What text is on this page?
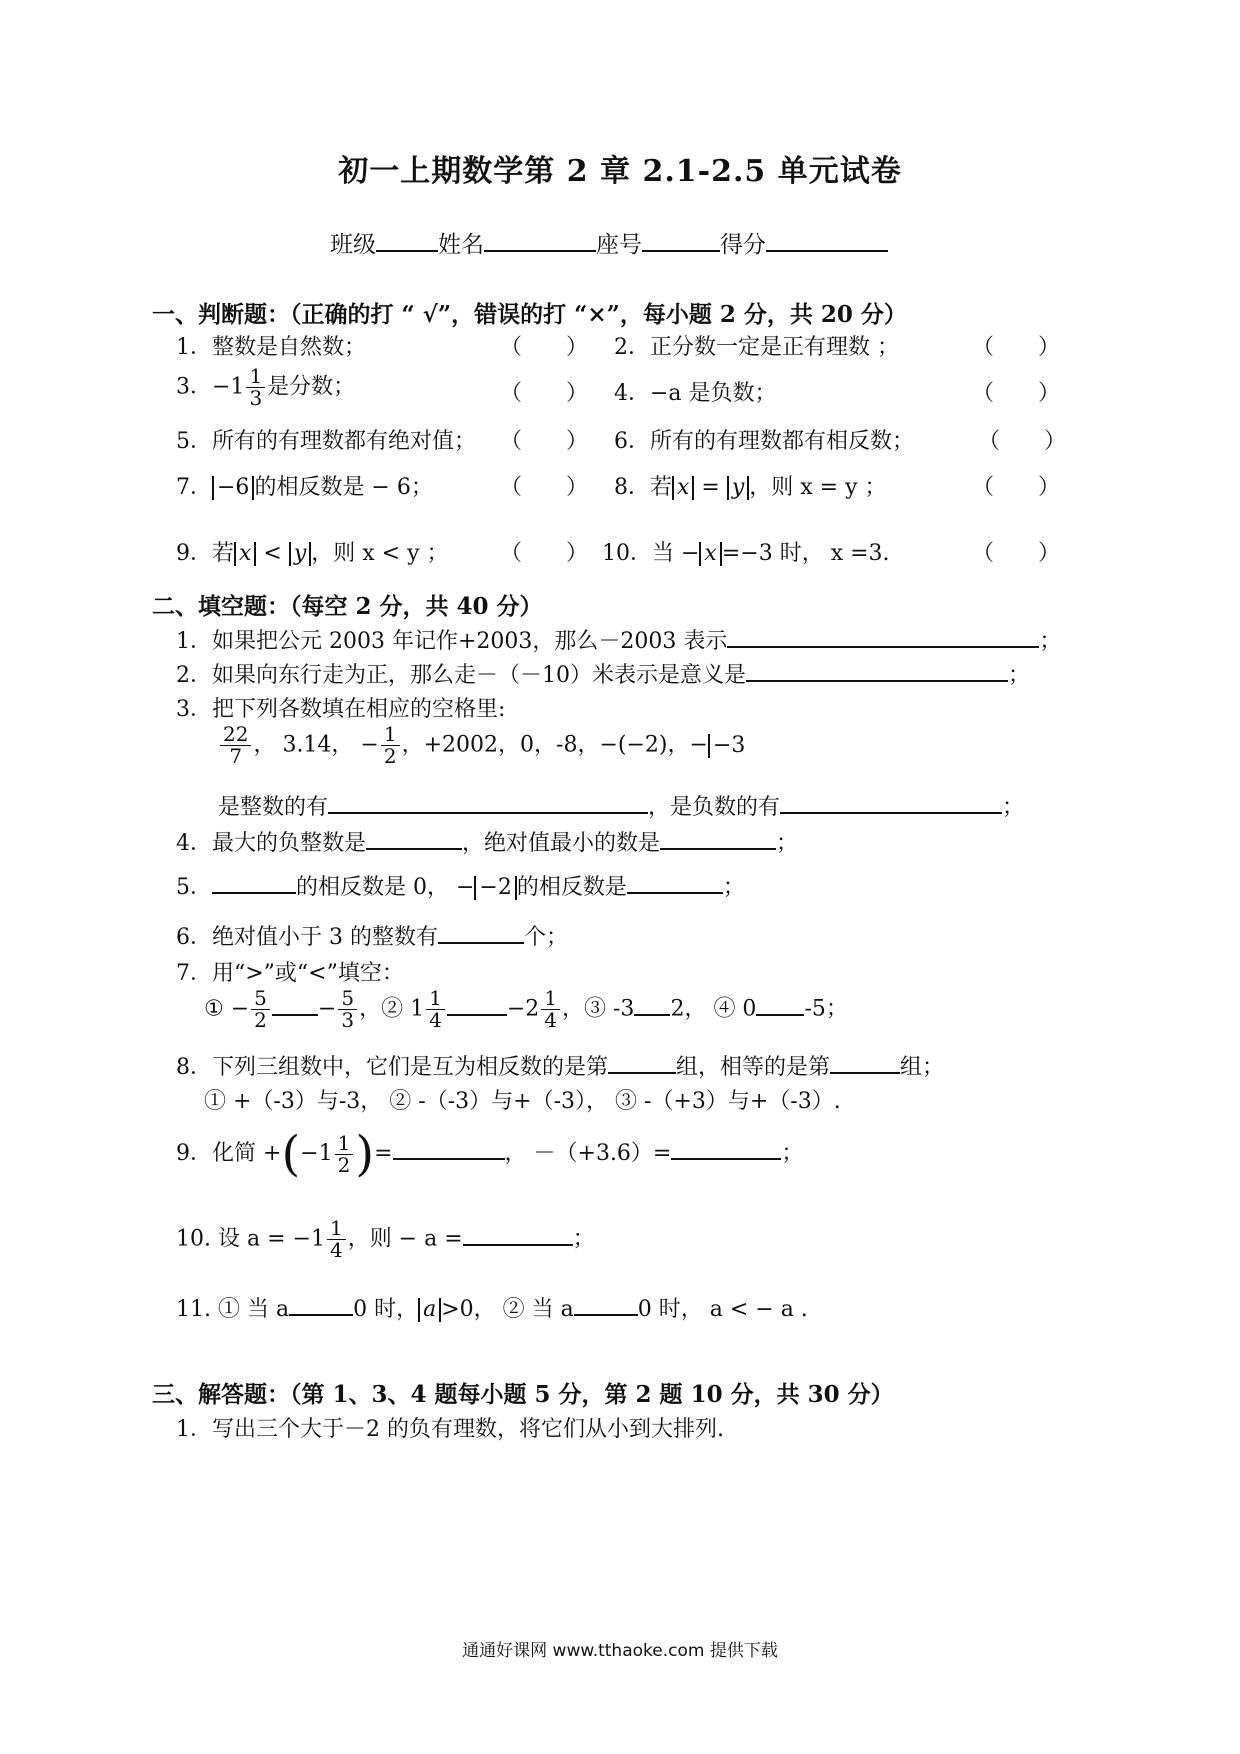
初一上期数学第 2 章 2.1-2.5 单元试卷
班级	姓名	座号	得分
一、判断题：（正确的打 “ √”，错误的打 “×”，每小题 2 分，共 20 分）
1．整数是自然数；	（　　） 2．正分数一定是正有理数 ；	（　　）
3．$-1 \frac{1}{3}$ 是分数；	（　　） 4．−a 是负数；	（　　）
5．所有的有理数都有绝对值； （　　） 6．所有的有理数都有相反数；	（　　）
7． −6 的相反数是 − 6；	（　　） 8．若 x = y ，则 x = y ；	（　　）
9．若 x < y ，则 x < y ； （　　） 10．当 − x =−3 时， x =3.	（　　）
二、填空题：（每空 2 分，共 40 分）
1．如果把公元 2003 年记作+2003，那么－2003 表示	；
2．如果向东行走为正，那么走－（－10）米表示是意义是	；
3．把下列各数填在相应的空格里:
$\frac{22}{7}$ ， 3.14， − $\frac{1}{2}$ ，+2002，0，-8，−(−2)，− −3
是整数的有	，是负数的有	；
4．最大的负整数是	，绝对值最小的数是	；
5．	的相反数是 0， − −2 的相反数是	；
6．绝对值小于 3 的整数有	个；
7．用“>”或“<”填空：
① − $\frac{5}{2} - \frac{5}{3}$ ，② $1 \frac{1}{4}$	$-2 \frac{1}{4}$ ，③ -3 2， ④ 0 -5；
8．下列三组数中，它们是互为相反数的是第	组，相等的是第	组；
① +（-3）与-3， ② -（-3）与+（-3）， ③ -（+3）与+（-3）.
9．化简 $+(-1 \frac{1}{2}$ )=	， －（+3.6）=	；
10. 设 $a = -1 \frac{1}{4}$ ，则 − a =	；
11. ① 当 a	0 时， a >0， ② 当 a	0 时， a < − a .
三、解答题：（第 1、3、4 题每小题 5 分，第 2 题 10 分，共 30 分）
1．写出三个大于－2 的负有理数，将它们从小到大排列.
通通好课网 www.tthaoke.com 提供下载
